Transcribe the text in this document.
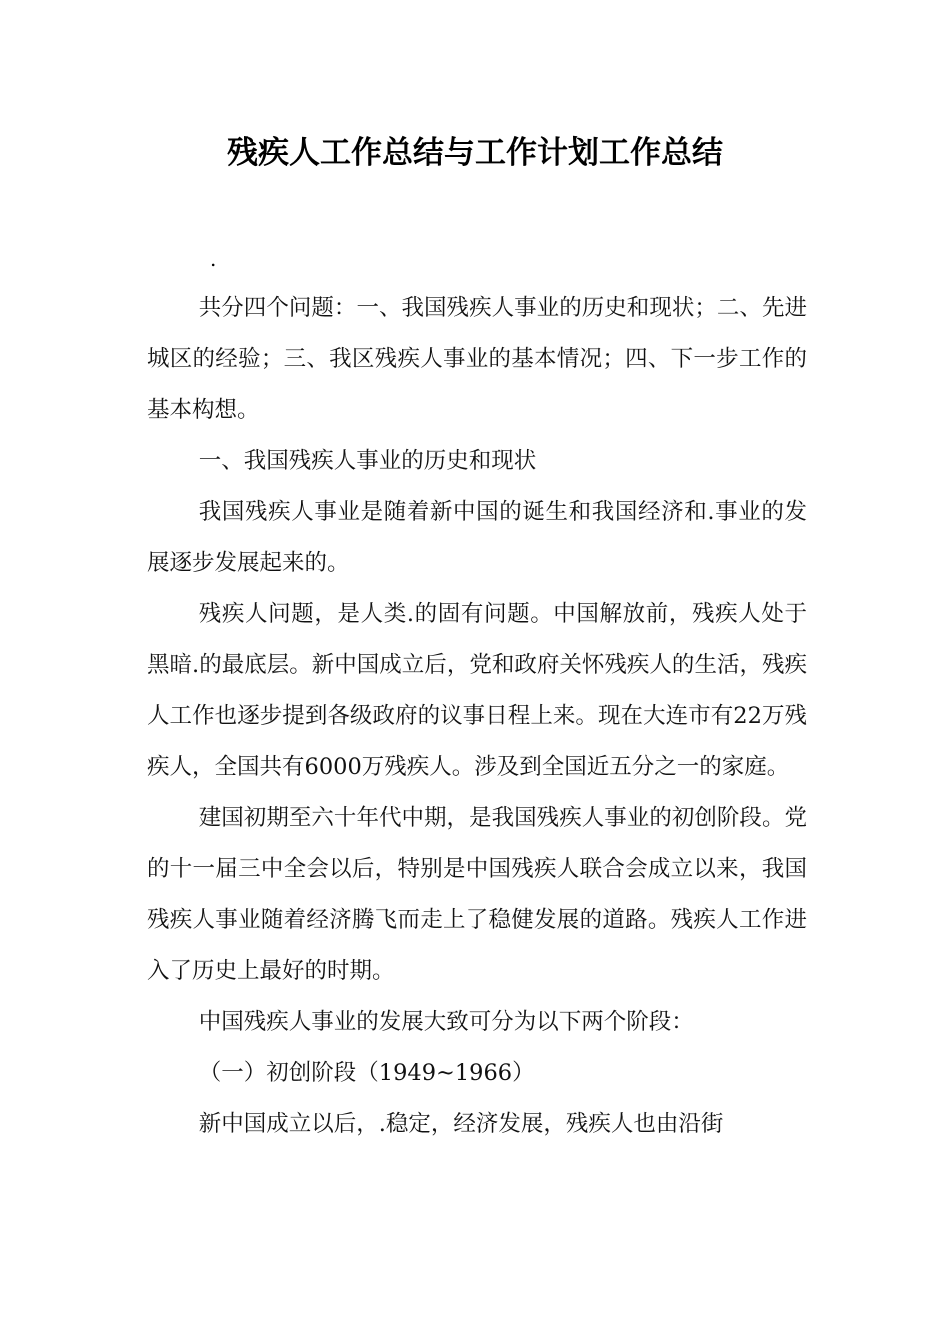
残疾人工作总结与工作计划工作总结
.

共分四个问题：一、我国残疾人事业的历史和现状；二、先进城区的经验；三、我区残疾人事业的基本情况；四、下一步工作的基本构想。

一、我国残疾人事业的历史和现状

我国残疾人事业是随着新中国的诞生和我国经济和.事业的发展逐步发展起来的。

残疾人问题，是人类.的固有问题。中国解放前，残疾人处于黑暗.的最底层。新中国成立后，党和政府关怀残疾人的生活，残疾人工作也逐步提到各级政府的议事日程上来。现在大连市有22万残疾人，全国共有6000万残疾人。涉及到全国近五分之一的家庭。

建国初期至六十年代中期，是我国残疾人事业的初创阶段。党的十一届三中全会以后，特别是中国残疾人联合会成立以来，我国残疾人事业随着经济腾飞而走上了稳健发展的道路。残疾人工作进入了历史上最好的时期。

中国残疾人事业的发展大致可分为以下两个阶段：

（一）初创阶段（1949~1966）

新中国成立以后，.稳定，经济发展，残疾人也由沿街
